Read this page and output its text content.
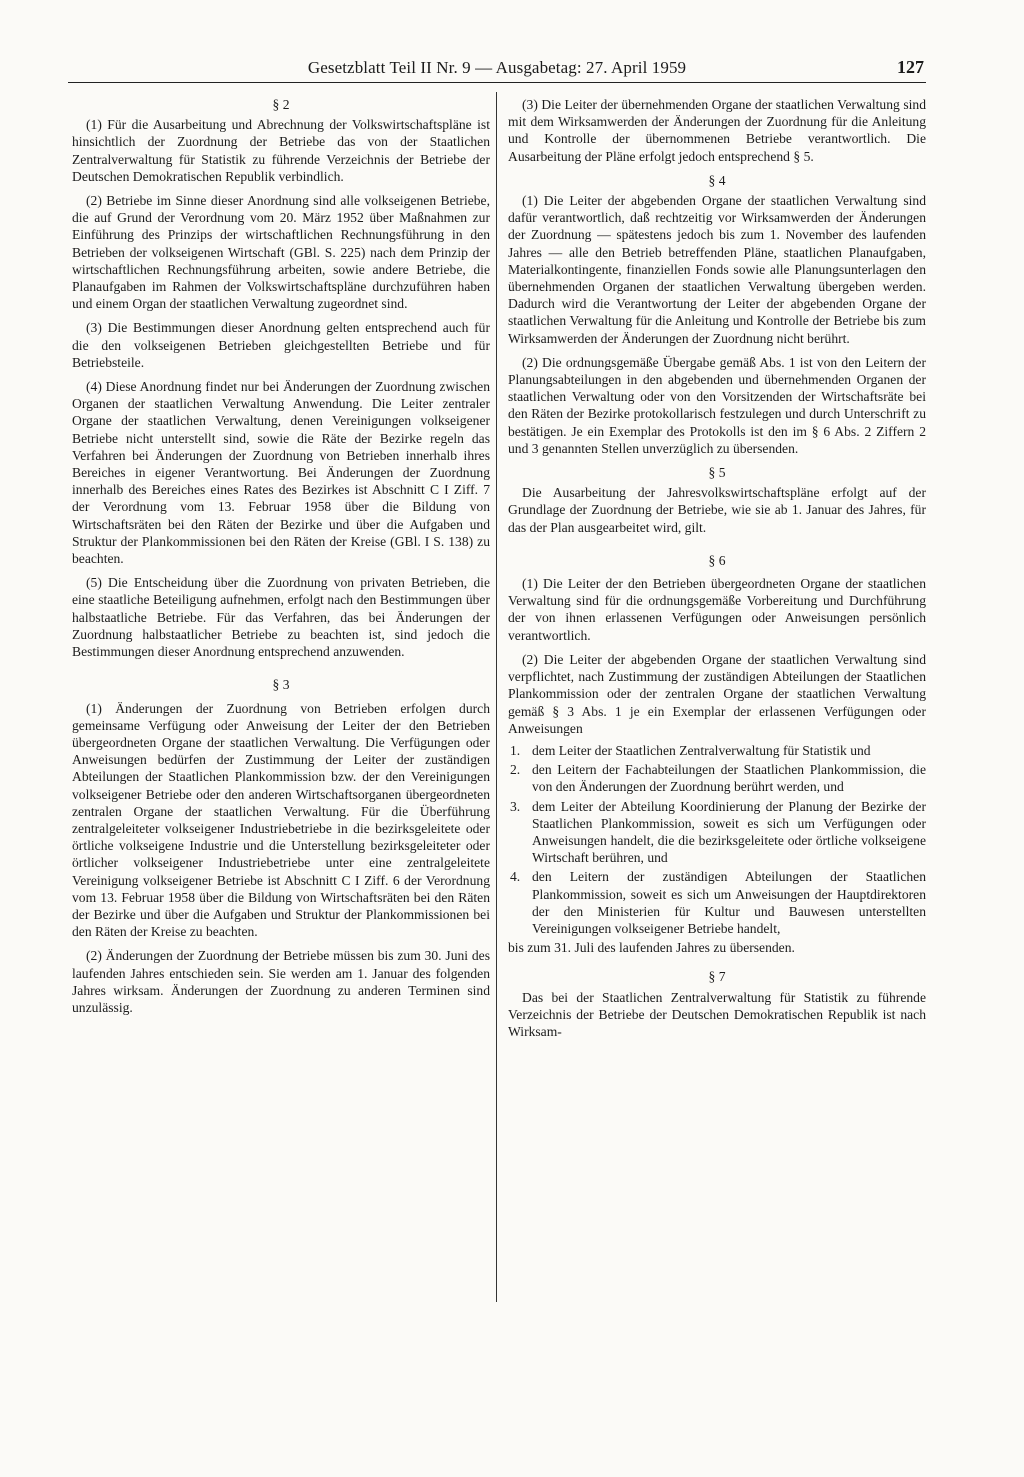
Gesetzblatt Teil II Nr. 9 — Ausgabetag: 27. April 1959	127
§ 2

(1) Für die Ausarbeitung und Abrechnung der Volkswirtschaftspläne ist hinsichtlich der Zuordnung der Betriebe das von der Staatlichen Zentralverwaltung für Statistik zu führende Verzeichnis der Betriebe der Deutschen Demokratischen Republik verbindlich.

(2) Betriebe im Sinne dieser Anordnung sind alle volkseigenen Betriebe, die auf Grund der Verordnung vom 20. März 1952 über Maßnahmen zur Einführung des Prinzips der wirtschaftlichen Rechnungsführung in den Betrieben der volkseigenen Wirtschaft (GBl. S. 225) nach dem Prinzip der wirtschaftlichen Rechnungsführung arbeiten, sowie andere Betriebe, die Planaufgaben im Rahmen der Volkswirtschaftspläne durchzuführen haben und einem Organ der staatlichen Verwaltung zugeordnet sind.

(3) Die Bestimmungen dieser Anordnung gelten entsprechend auch für die den volkseigenen Betrieben gleichgestellten Betriebe und für Betriebsteile.

(4) Diese Anordnung findet nur bei Änderungen der Zuordnung zwischen Organen der staatlichen Verwaltung Anwendung. Die Leiter zentraler Organe der staatlichen Verwaltung, denen Vereinigungen volkseigener Betriebe nicht unterstellt sind, sowie die Räte der Bezirke regeln das Verfahren bei Änderungen der Zuordnung von Betrieben innerhalb ihres Bereiches in eigener Verantwortung. Bei Änderungen der Zuordnung innerhalb des Bereiches eines Rates des Bezirkes ist Abschnitt C I Ziff. 7 der Verordnung vom 13. Februar 1958 über die Bildung von Wirtschaftsräten bei den Räten der Bezirke und über die Aufgaben und Struktur der Plankommissionen bei den Räten der Kreise (GBl. I S. 138) zu beachten.

(5) Die Entscheidung über die Zuordnung von privaten Betrieben, die eine staatliche Beteiligung aufnehmen, erfolgt nach den Bestimmungen über halbstaatliche Betriebe. Für das Verfahren, das bei Änderungen der Zuordnung halbstaatlicher Betriebe zu beachten ist, sind jedoch die Bestimmungen dieser Anordnung entsprechend anzuwenden.

§ 3

(1) Änderungen der Zuordnung von Betrieben erfolgen durch gemeinsame Verfügung oder Anweisung der Leiter der den Betrieben übergeordneten Organe der staatlichen Verwaltung. Die Verfügungen oder Anweisungen bedürfen der Zustimmung der Leiter der zuständigen Abteilungen der Staatlichen Plankommission bzw. der den Vereinigungen volkseigener Betriebe oder den anderen Wirtschaftsorganen übergeordneten zentralen Organe der staatlichen Verwaltung. Für die Überführung zentralgeleiteter volkseigener Industriebetriebe in die bezirksgeleitete oder örtliche volkseigene Industrie und die Unterstellung bezirksgeleiteter oder örtlicher volkseigener Industriebetriebe unter eine zentralgeleitete Vereinigung volkseigener Betriebe ist Abschnitt C I Ziff. 6 der Verordnung vom 13. Februar 1958 über die Bildung von Wirtschaftsräten bei den Räten der Bezirke und über die Aufgaben und Struktur der Plankommissionen bei den Räten der Kreise zu beachten.

(2) Änderungen der Zuordnung der Betriebe müssen bis zum 30. Juni des laufenden Jahres entschieden sein. Sie werden am 1. Januar des folgenden Jahres wirksam. Änderungen der Zuordnung zu anderen Terminen sind unzulässig.

(3) Die Leiter der übernehmenden Organe der staatlichen Verwaltung sind mit dem Wirksamwerden der Änderungen der Zuordnung für die Anleitung und Kontrolle der übernommenen Betriebe verantwortlich. Die Ausarbeitung der Pläne erfolgt jedoch entsprechend § 5.

§ 4

(1) Die Leiter der abgebenden Organe der staatlichen Verwaltung sind dafür verantwortlich, daß rechtzeitig vor Wirksamwerden der Änderungen der Zuordnung — spätestens jedoch bis zum 1. November des laufenden Jahres — alle den Betrieb betreffenden Pläne, staatlichen Planaufgaben, Materialkontingente, finanziellen Fonds sowie alle Planungsunterlagen den übernehmenden Organen der staatlichen Verwaltung übergeben werden. Dadurch wird die Verantwortung der Leiter der abgebenden Organe der staatlichen Verwaltung für die Anleitung und Kontrolle der Betriebe bis zum Wirksamwerden der Änderungen der Zuordnung nicht berührt.

(2) Die ordnungsgemäße Übergabe gemäß Abs. 1 ist von den Leitern der Planungsabteilungen in den abgebenden und übernehmenden Organen der staatlichen Verwaltung oder von den Vorsitzenden der Wirtschaftsräte bei den Räten der Bezirke protokollarisch festzulegen und durch Unterschrift zu bestätigen. Je ein Exemplar des Protokolls ist den im § 6 Abs. 2 Ziffern 2 und 3 genannten Stellen unverzüglich zu übersenden.

§ 5

Die Ausarbeitung der Jahresvolkswirtschaftspläne erfolgt auf der Grundlage der Zuordnung der Betriebe, wie sie ab 1. Januar des Jahres, für das der Plan ausgearbeitet wird, gilt.

§ 6

(1) Die Leiter der den Betrieben übergeordneten Organe der staatlichen Verwaltung sind für die ordnungsgemäße Vorbereitung und Durchführung der von ihnen erlassenen Verfügungen oder Anweisungen persönlich verantwortlich.

(2) Die Leiter der abgebenden Organe der staatlichen Verwaltung sind verpflichtet, nach Zustimmung der zuständigen Abteilungen der Staatlichen Plankommission oder der zentralen Organe der staatlichen Verwaltung gemäß § 3 Abs. 1 je ein Exemplar der erlassenen Verfügungen oder Anweisungen

1. dem Leiter der Staatlichen Zentralverwaltung für Statistik und
2. den Leitern der Fachabteilungen der Staatlichen Plankommission, die von den Änderungen der Zuordnung berührt werden, und
3. dem Leiter der Abteilung Koordinierung der Planung der Bezirke der Staatlichen Plankommission, soweit es sich um Verfügungen oder Anweisungen handelt, die die bezirksgeleitete oder örtliche volkseigene Wirtschaft berühren, und
4. den Leitern der zuständigen Abteilungen der Staatlichen Plankommission, soweit es sich um Anweisungen der Hauptdirektoren der den Ministerien für Kultur und Bauwesen unterstellten Vereinigungen volkseigener Betriebe handelt,
bis zum 31. Juli des laufenden Jahres zu übersenden.
§ 7

Das bei der Staatlichen Zentralverwaltung für Statistik zu führende Verzeichnis der Betriebe der Deutschen Demokratischen Republik ist nach Wirksam-
